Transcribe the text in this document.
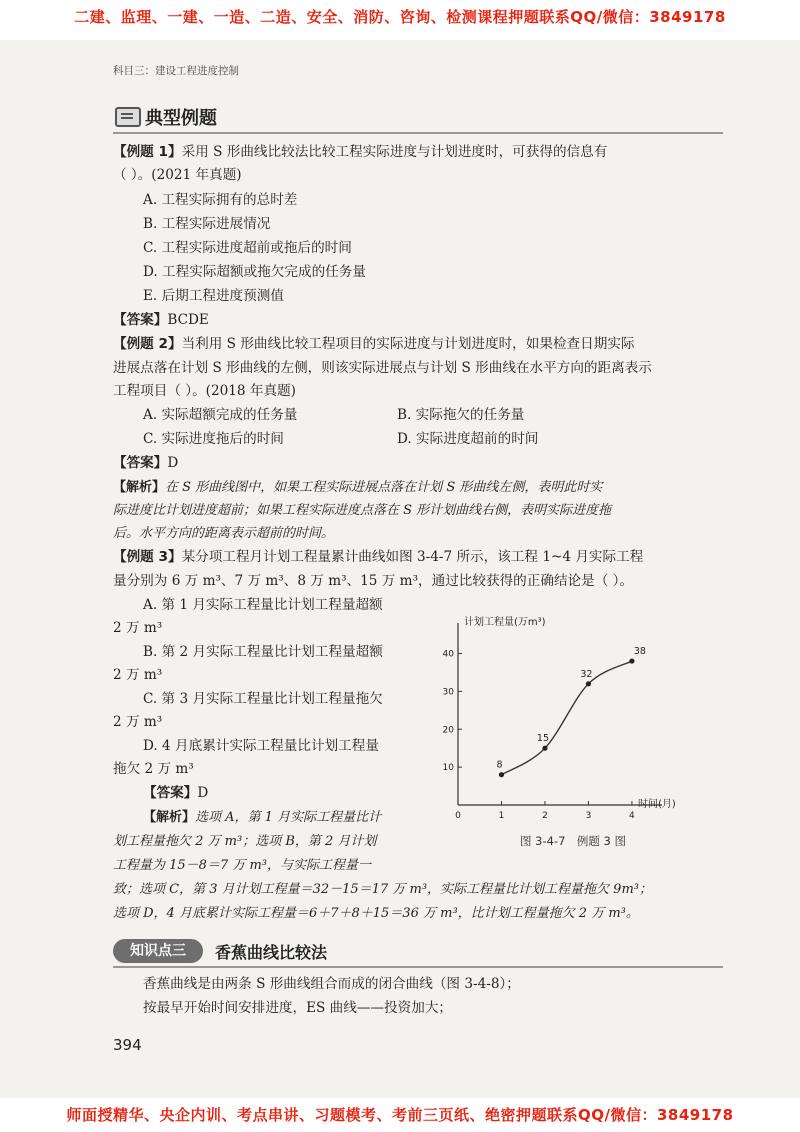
二建、监理、一建、一造、二造、安全、消防、咨询、检测课程押题联系QQ/微信：3849178
科目三：建设工程进度控制
典型例题
【例题 1】采用 S 形曲线比较法比较工程实际进度与计划进度时，可获得的信息有
（ ）。(2021 年真题)
A. 工程实际拥有的总时差
B. 工程实际进展情况
C. 工程实际进度超前或拖后的时间
D. 工程实际超额或拖欠完成的任务量
E. 后期工程进度预测值
【答案】BCDE
【例题 2】当利用 S 形曲线比较工程项目的实际进度与计划进度时，如果检查日期实际
进展点落在计划 S 形曲线的左侧，则该实际进展点与计划 S 形曲线在水平方向的距离表示
工程项目（ ）。(2018 年真题)
A. 实际超额完成的任务量	B. 实际拖欠的任务量
C. 实际进度拖后的时间	D. 实际进度超前的时间
【答案】D
【解析】在 S 形曲线图中，如果工程实际进展点落在计划 S 形曲线左侧，表明此时实
际进度比计划进度超前；如果工程实际进度点落在 S 形计划曲线右侧，表明实际进度拖
后。水平方向的距离表示超前的时间。
【例题 3】某分项工程月计划工程量累计曲线如图 3-4-7 所示，该工程 1~4 月实际工程
量分别为 6 万 m³、7 万 m³、8 万 m³、15 万 m³，通过比较获得的正确结论是（ ）。
A. 第 1 月实际工程量比计划工程量超额
2 万 m³
B. 第 2 月实际工程量比计划工程量超额
2 万 m³
C. 第 3 月实际工程量比计划工程量拖欠
2 万 m³
D. 4 月底累计实际工程量比计划工程量
拖欠 2 万 m³
【答案】D
【解析】选项 A，第 1 月实际工程量比计
划工程量拖欠 2 万 m³；选项 B，第 2 月计划
工程量为 15－8＝7 万 m³，与实际工程量一
致；选项 C，第 3 月计划工程量＝32－15＝17 万 m³，实际工程量比计划工程量拖欠 9m³；
选项 D，4 月底累计实际工程量＝6＋7＋8＋15＝36 万 m³，比计划工程量拖欠 2 万 m³。
计划工程量(万m³)
时间(月)
10
20
30
40
0	1	2	3	4
8
15
32
38
图 3-4-7　例题 3 图
知识点三	香蕉曲线比较法
香蕉曲线是由两条 S 形曲线组合而成的闭合曲线（图 3-4-8）；
按最早开始时间安排进度，ES 曲线——投资加大；
394
师面授精华、央企内训、考点串讲、习题模考、考前三页纸、绝密押题联系QQ/微信：3849178
